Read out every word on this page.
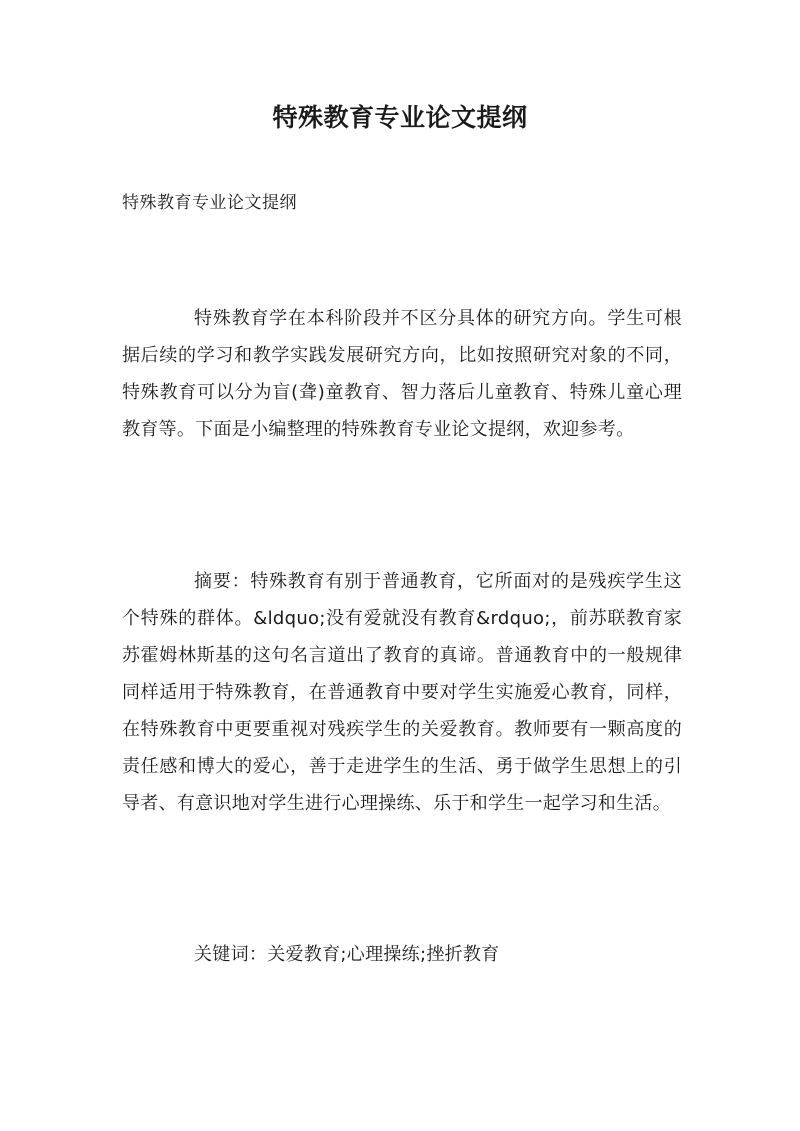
特殊教育专业论文提纲
特殊教育专业论文提纲

特殊教育学在本科阶段并不区分具体的研究方向。学生可根据后续的学习和教学实践发展研究方向，比如按照研究对象的不同，特殊教育可以分为盲(聋)童教育、智力落后儿童教育、特殊儿童心理教育等。下面是小编整理的特殊教育专业论文提纲，欢迎参考。

摘要：特殊教育有别于普通教育，它所面对的是残疾学生这个特殊的群体。&ldquo;没有爱就没有教育&rdquo;，前苏联教育家苏霍姆林斯基的这句名言道出了教育的真谛。普通教育中的一般规律同样适用于特殊教育，在普通教育中要对学生实施爱心教育，同样，在特殊教育中更要重视对残疾学生的关爱教育。教师要有一颗高度的责任感和博大的爱心，善于走进学生的生活、勇于做学生思想上的引导者、有意识地对学生进行心理操练、乐于和学生一起学习和生活。

关键词：关爱教育;心理操练;挫折教育
